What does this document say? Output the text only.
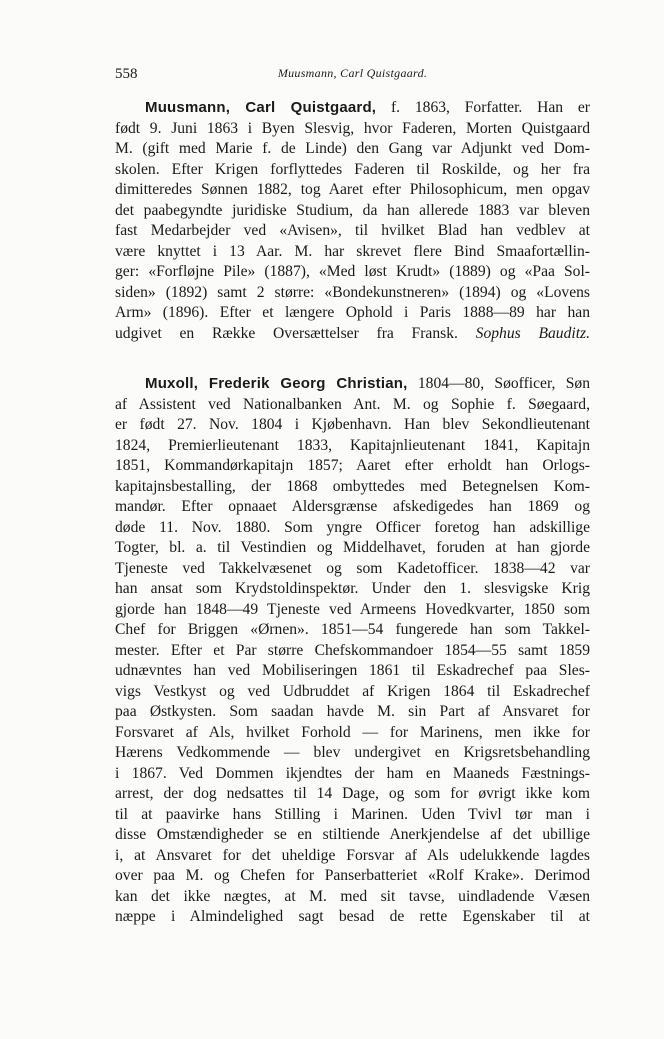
558	Muusmann, Carl Quistgaard.
Muusmann, Carl Quistgaard, f. 1863, Forfatter. Han er
født 9. Juni 1863 i Byen Slesvig, hvor Faderen, Morten Quistgaard
M. (gift med Marie f. de Linde) den Gang var Adjunkt ved Dom-
skolen. Efter Krigen forflyttedes Faderen til Roskilde, og her fra
dimitteredes Sønnen 1882, tog Aaret efter Philosophicum, men opgav
det paabegyndte juridiske Studium, da han allerede 1883 var bleven
fast Medarbejder ved «Avisen», til hvilket Blad han vedblev at
være knyttet i 13 Aar. M. har skrevet flere Bind Smaafortællin-
ger: «Forfløjne Pile» (1887), «Med løst Krudt» (1889) og «Paa Sol-
siden» (1892) samt 2 større: «Bondekunstneren» (1894) og «Lovens
Arm» (1896). Efter et længere Ophold i Paris 1888—89 har han
udgivet en Række Oversættelser fra Fransk. Sophus Bauditz.
Muxoll, Frederik Georg Christian, 1804—80, Søofficer, Søn
af Assistent ved Nationalbanken Ant. M. og Sophie f. Søegaard,
er født 27. Nov. 1804 i Kjøbenhavn. Han blev Sekondlieutenant
1824, Premierlieutenant 1833, Kapitajnlieutenant 1841, Kapitajn
1851, Kommandørkapitajn 1857; Aaret efter erholdt han Orlogs-
kapitajnsbestalling, der 1868 ombyttedes med Betegnelsen Kom-
mandør. Efter opnaaet Aldersgrænse afskedigedes han 1869 og
døde 11. Nov. 1880. Som yngre Officer foretog han adskillige
Togter, bl. a. til Vestindien og Middelhavet, foruden at han gjorde
Tjeneste ved Takkelvæsenet og som Kadetofficer. 1838—42 var
han ansat som Krydstoldinspektør. Under den 1. slesvigske Krig
gjorde han 1848—49 Tjeneste ved Armeens Hovedkvarter, 1850 som
Chef for Briggen «Ørnen». 1851—54 fungerede han som Takkel-
mester. Efter et Par større Chefskommandoer 1854—55 samt 1859
udnævntes han ved Mobiliseringen 1861 til Eskadrechef paa Sles-
vigs Vestkyst og ved Udbruddet af Krigen 1864 til Eskadrechef
paa Østkysten. Som saadan havde M. sin Part af Ansvaret for
Forsvaret af Als, hvilket Forhold — for Marinens, men ikke for
Hærens Vedkommende — blev undergivet en Krigsretsbehandling
i 1867. Ved Dommen ikjendtes der ham en Maaneds Fæstnings-
arrest, der dog nedsattes til 14 Dage, og som for øvrigt ikke kom
til at paavirke hans Stilling i Marinen. Uden Tvivl tør man i
disse Omstændigheder se en stiltiende Anerkjendelse af det ubillige
i, at Ansvaret for det uheldige Forsvar af Als udelukkende lagdes
over paa M. og Chefen for Panserbatteriet «Rolf Krake». Derimod
kan det ikke nægtes, at M. med sit tavse, uindladende Væsen
næppe i Almindelighed sagt besad de rette Egenskaber til at
